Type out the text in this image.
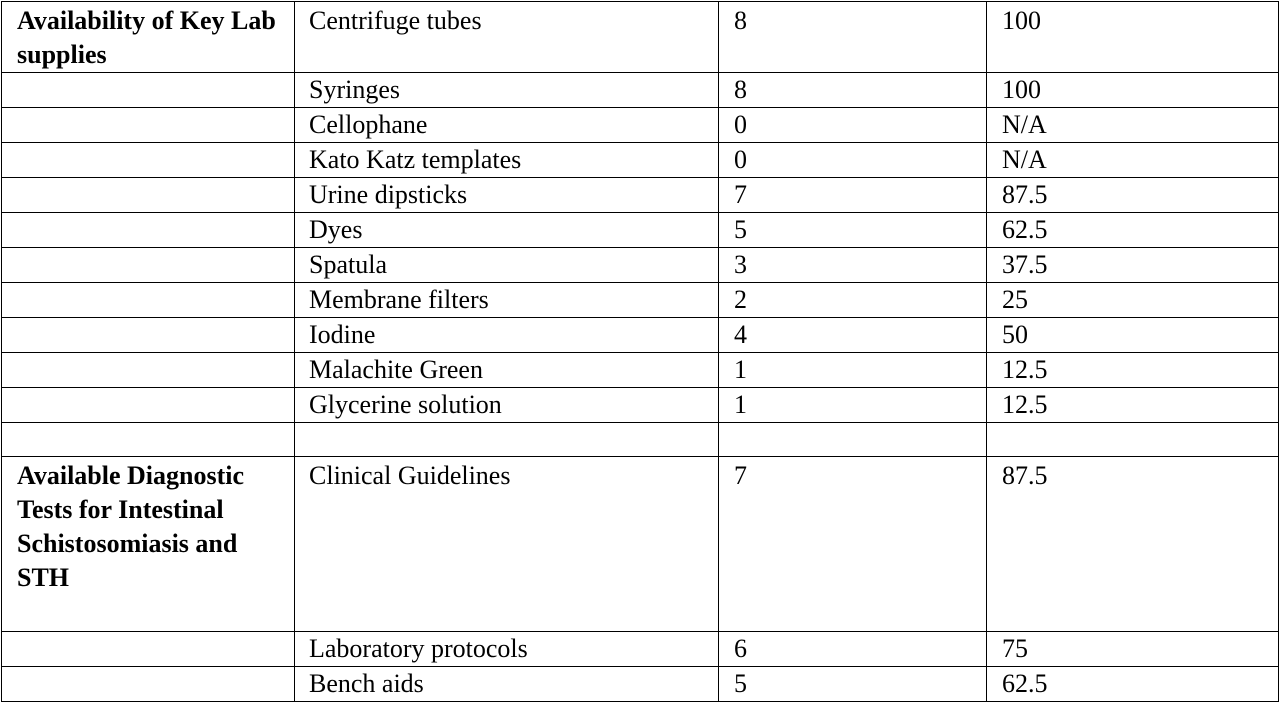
Availability of Key Lab supplies	Centrifuge tubes	8	100
	Syringes	8	100
	Cellophane	0	N/A
	Kato Katz templates	0	N/A
	Urine dipsticks	7	87.5
	Dyes	5	62.5
	Spatula	3	37.5
	Membrane filters	2	25
	Iodine	4	50
	Malachite Green	1	12.5
	Glycerine solution	1	12.5

Available Diagnostic Tests for Intestinal Schistosomiasis and STH	Clinical Guidelines	7	87.5
	Laboratory protocols	6	75
	Bench aids	5	62.5
